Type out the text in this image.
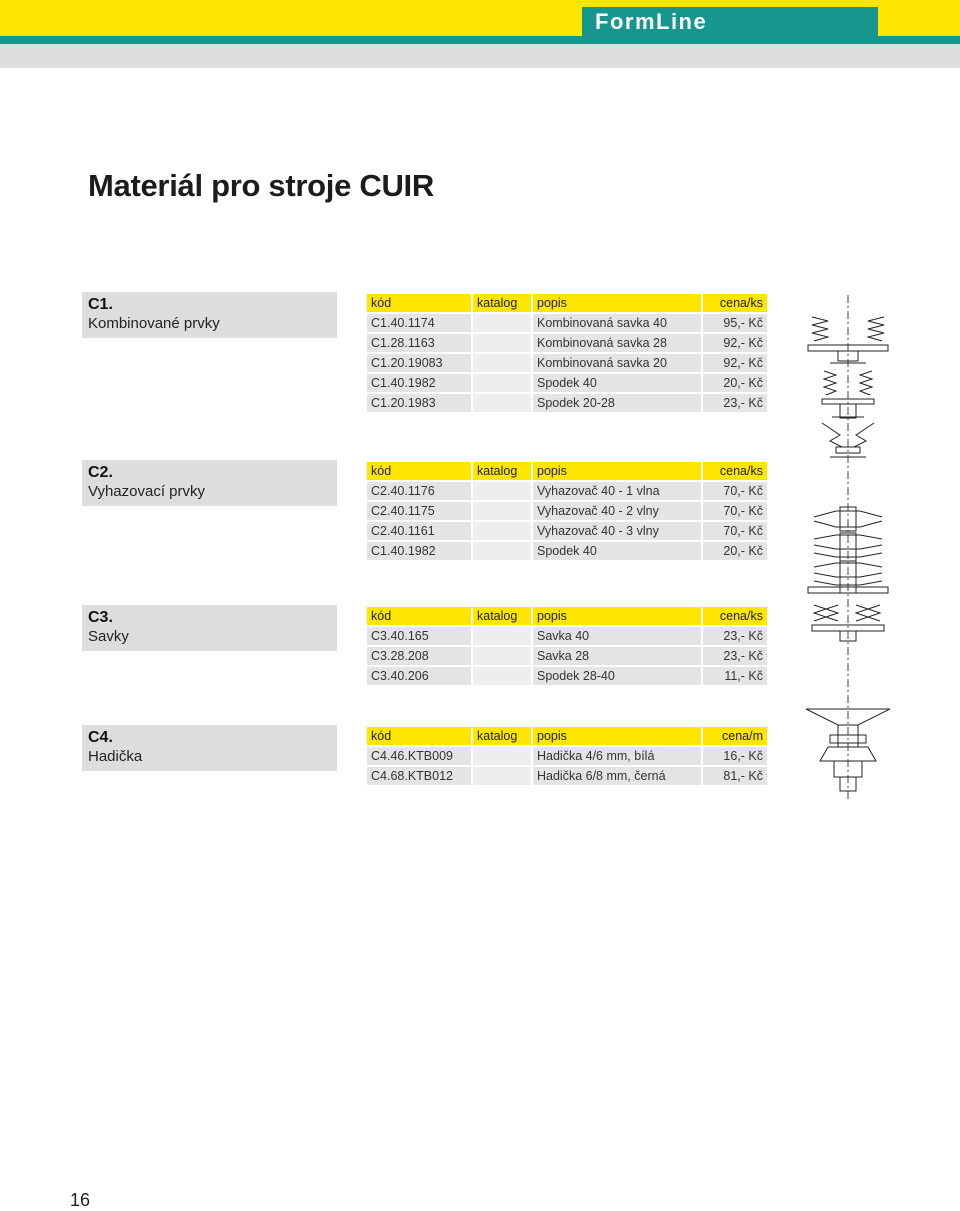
FormLine
Materiál pro stroje CUIR
C1.
Kombinované prvky
kód	katalog	popis	cena/ks
C1.40.1174		Kombinovaná savka 40	95,- Kč
C1.28.1163		Kombinovaná savka 28	92,- Kč
C1.20.19083		Kombinovaná savka 20	92,- Kč
C1.40.1982		Spodek 40	20,- Kč
C1.20.1983		Spodek 20-28	23,- Kč
C2.
Vyhazovací prvky
kód	katalog	popis	cena/ks
C2.40.1176		Vyhazovač 40 - 1 vlna	70,- Kč
C2.40.1175		Vyhazovač 40 - 2 vlny	70,- Kč
C2.40.1161		Vyhazovač 40 - 3 vlny	70,- Kč
C1.40.1982		Spodek 40	20,- Kč
C3.
Savky
kód	katalog	popis	cena/ks
C3.40.165		Savka 40	23,- Kč
C3.28.208		Savka 28	23,- Kč
C3.40.206		Spodek 28-40	11,- Kč
C4.
Hadička
kód	katalog	popis	cena/m
C4.46.KTB009		Hadička 4/6 mm, bílá	16,- Kč
C4.68.KTB012		Hadička 6/8 mm, černá	81,- Kč
16
